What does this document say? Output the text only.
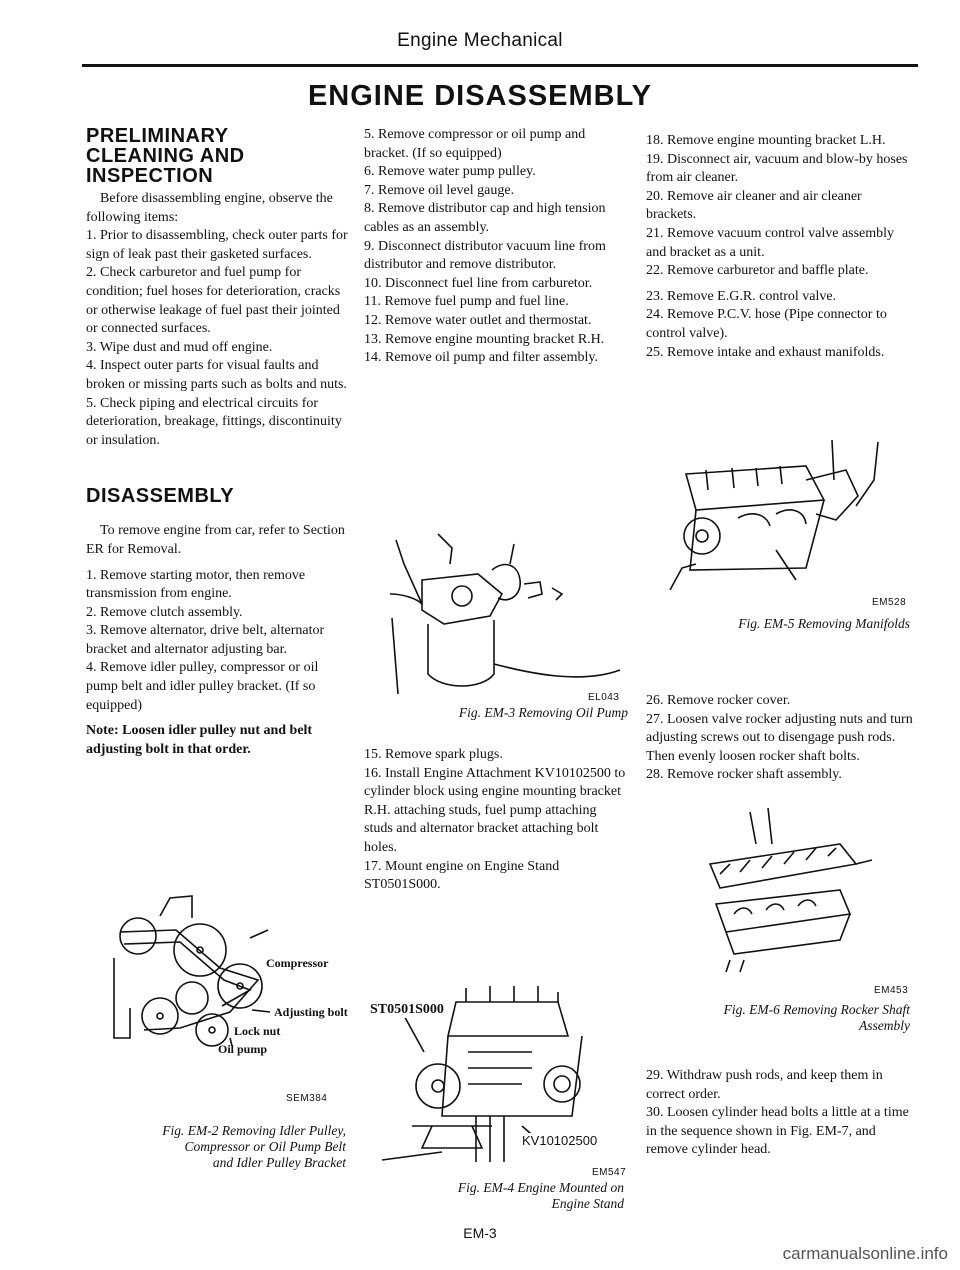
Engine Mechanical
ENGINE DISASSEMBLY
PRELIMINARY
CLEANING AND
INSPECTION

Before disassembling engine, observe the following items:

1. Prior to disassembling, check outer parts for sign of leak past their gasketed surfaces.

2. Check carburetor and fuel pump for condition; fuel hoses for deterioration, cracks or otherwise leakage of fuel past their jointed or connected surfaces.

3. Wipe dust and mud off engine.

4. Inspect outer parts for visual faults and broken or missing parts such as bolts and nuts.

5. Check piping and electrical circuits for deterioration, breakage, fittings, discontinuity or insulation.

DISASSEMBLY

To remove engine from car, refer to Section ER for Removal.

1. Remove starting motor, then remove transmission from engine.

2. Remove clutch assembly.

3. Remove alternator, drive belt, alternator bracket and alternator adjusting bar.

4. Remove idler pulley, compressor or oil pump belt and idler pulley bracket. (If so equipped)

Note: Loosen idler pulley nut and belt adjusting bolt in that order.

Compressor
Adjusting bolt
Lock nut
Oil pump
SEM384
Fig. EM-2 Removing Idler Pulley,
Compressor or Oil Pump Belt
and Idler Pulley Bracket

5. Remove compressor or oil pump and bracket. (If so equipped)

6. Remove water pump pulley.

7. Remove oil level gauge.

8. Remove distributor cap and high tension cables as an assembly.

9. Disconnect distributor vacuum line from distributor and remove distributor.

10. Disconnect fuel line from carburetor.

11. Remove fuel pump and fuel line.

12. Remove water outlet and thermostat.

13. Remove engine mounting bracket R.H.

14. Remove oil pump and filter assembly.

EL043
Fig. EM-3 Removing Oil Pump

15. Remove spark plugs.

16. Install Engine Attachment KV10102500 to cylinder block using engine mounting bracket R.H. attaching studs, fuel pump attaching studs and alternator bracket attaching bolt holes.

17. Mount engine on Engine Stand ST0501S000.

ST0501S000
KV10102500
EM547
Fig. EM-4 Engine Mounted on
Engine Stand

18. Remove engine mounting bracket L.H.

19. Disconnect air, vacuum and blow-by hoses from air cleaner.

20. Remove air cleaner and air cleaner brackets.

21. Remove vacuum control valve assembly and bracket as a unit.

22. Remove carburetor and baffle plate.

23. Remove E.G.R. control valve.

24. Remove P.C.V. hose (Pipe connector to control valve).

25. Remove intake and exhaust manifolds.

EM528
Fig. EM-5 Removing Manifolds

26. Remove rocker cover.

27. Loosen valve rocker adjusting nuts and turn adjusting screws out to disengage push rods. Then evenly loosen rocker shaft bolts.

28. Remove rocker shaft assembly.

EM453
Fig. EM-6 Removing Rocker Shaft
Assembly

29. Withdraw push rods, and keep them in correct order.

30. Loosen cylinder head bolts a little at a time in the sequence shown in Fig. EM-7, and remove cylinder head.

EM-3
carmanualsonline.info
